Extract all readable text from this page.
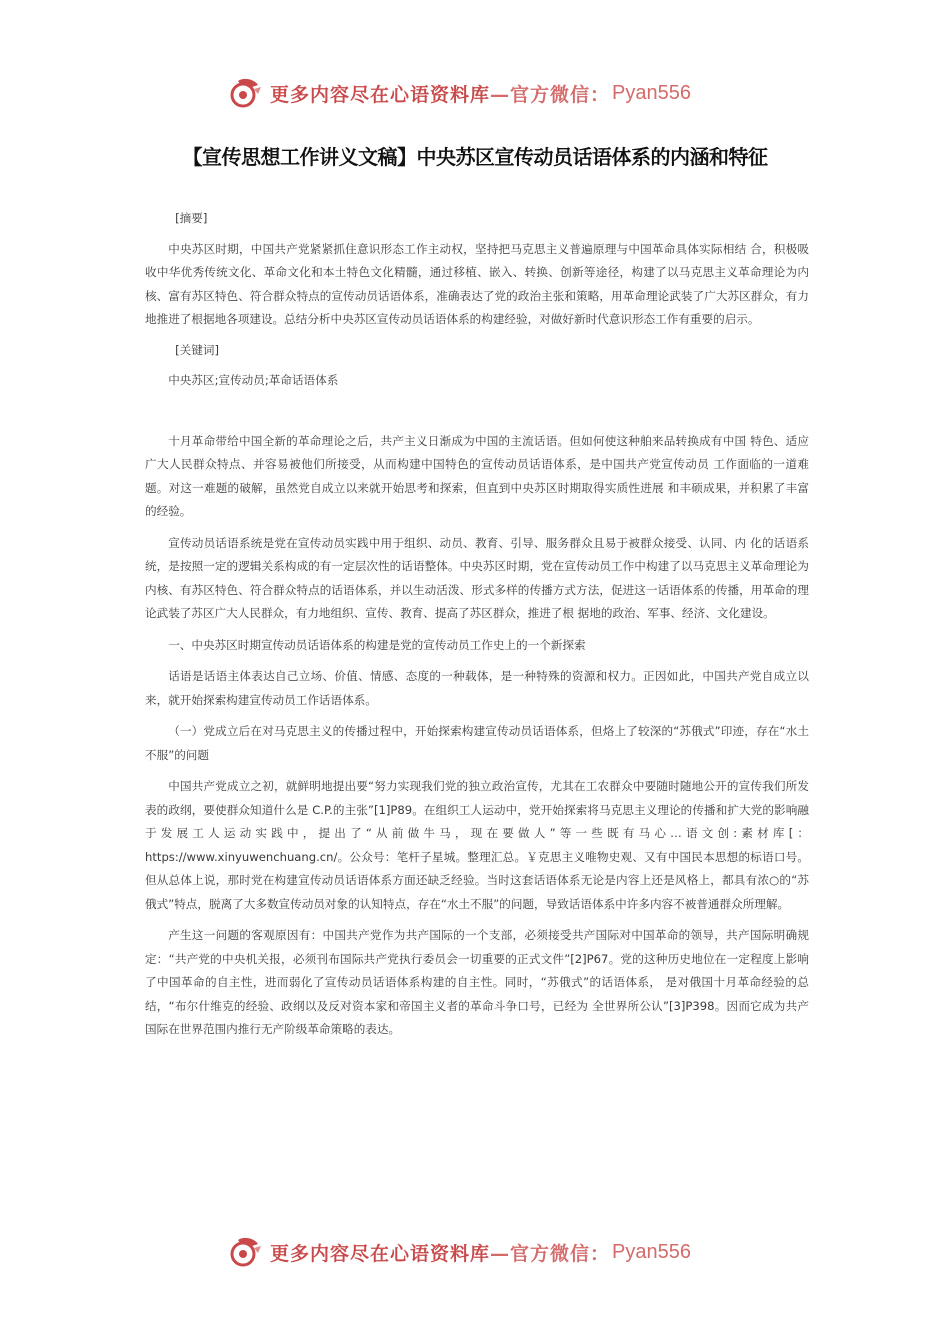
更多内容尽在心语资料库 —官方微信： Pyan556
【宣传思想工作讲义文稿】中央苏区宣传动员话语体系的内涵和特征

[摘要]

中央苏区时期，中国共产党紧紧抓住意识形态工作主动权，坚持把马克思主义普遍原理与中国革命具体实际相结 合，积极吸收中华优秀传统文化、革命文化和本土特色文化精髓，通过移植、嵌入、转换、创新等途径，构建了以马克思主义革命理论为内核、富有苏区特色、符合群众特点的宣传动员话语体系，准确表达了党的政治主张和策略，用革命理论武装了广大苏区群众，有力地推进了根据地各项建设。总结分析中央苏区宣传动员话语体系的构建经验，对做好新时代意识形态工作有重要的启示。

[关键词]

中央苏区;宣传动员;革命话语体系

十月革命带给中国全新的革命理论之后，共产主义日渐成为中国的主流话语。但如何使这种舶来品转换成有中国 特色、适应广大人民群众特点、并容易被他们所接受，从而构建中国特色的宣传动员话语体系，是中国共产党宣传动员 工作面临的一道难题。对这一难题的破解，虽然党自成立以来就开始思考和探索，但直到中央苏区时期取得实质性进展 和丰硕成果，并积累了丰富的经验。

宣传动员话语系统是党在宣传动员实践中用于组织、动员、教育、引导、服务群众且易于被群众接受、认同、内 化的话语系统，是按照一定的逻辑关系构成的有一定层次性的话语整体。中央苏区时期，党在宣传动员工作中构建了以马克思主义革命理论为内核、有苏区特色、符合群众特点的话语体系，并以生动活泼、形式多样的传播方式方法，促进这一话语体系的传播，用革命的理论武装了苏区广大人民群众，有力地组织、宣传、教育、提高了苏区群众，推进了根 据地的政治、军事、经济、文化建设。

一、中央苏区时期宣传动员话语体系的构建是党的宣传动员工作史上的一个新探索

话语是话语主体表达自己立场、价值、情感、态度的一种载体，是一种特殊的资源和权力。正因如此，中国共产党自成立以来，就开始探索构建宣传动员工作话语体系。

（一）党成立后在对马克思主义的传播过程中，开始探索构建宣传动员话语体系，但烙上了较深的“苏俄式”印迹，存在“水土不服”的问题

中国共产党成立之初，就鲜明地提出要“努力实现我们党的独立政治宣传，尤其在工农群众中要随时随地公开的宣传我们所发表的政纲，要使群众知道什么是 C.P.的主张”[1]P89。在组织工人运动中，党开始探索将马克思主义理论的传播和扩大党的影响融于发展工人运动实践中，提出了“从前做牛马，现在要做人”等一些既有马心…语文创:素材库[：https://www.xinyuwenchuang.cn/。公众号：笔杆子星城。整理汇总。￥克思主义唯物史观、又有中国民本思想的标语口号。但从总体上说，那时党在构建宣传动员话语体系方面还缺乏经验。当时这套话语体系无论是内容上还是风格上，都具有浓○的“苏俄式”特点，脱离了大多数宣传动员对象的认知特点，存在“水土不服”的问题，导致话语体系中许多内容不被普通群众所理解。

产生这一问题的客观原因有：中国共产党作为共产国际的一个支部，必须接受共产国际对中国革命的领导，共产国际明确规定：“共产党的中央机关报，必须刊布国际共产党执行委员会一切重要的正式文件”[2]P67。党的这种历史地位在一定程度上影响了中国革命的自主性，进而弱化了宣传动员话语体系构建的自主性。同时，“苏俄式”的话语体系， 是对俄国十月革命经验的总结，“布尔什维克的经验、政纲以及反对资本家和帝国主义者的革命斗争口号，已经为 全世界所公认”[3]P398。因而它成为共产国际在世界范围内推行无产阶级革命策略的表达。

更多内容尽在心语资料库 —官方微信： Pyan556
